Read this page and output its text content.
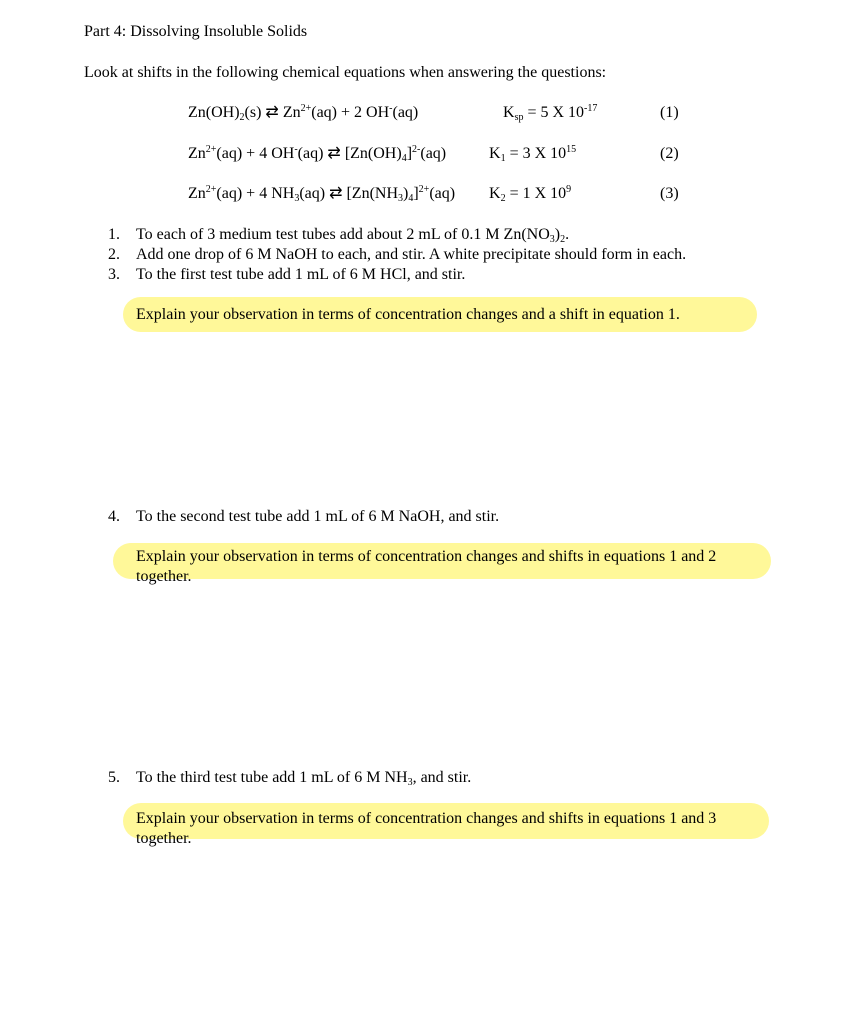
Part 4: Dissolving Insoluble Solids
Look at shifts in the following chemical equations when answering the questions:
$Zn(OH)_2(s)$ ⇄ $Zn^{2+}(aq) + 2$ OH-(aq)	$K_{sp} = 5$ X $10^{-17}$	(1)
$Zn^{2+}(aq) + 4$ OH-(aq) ⇄ $[Zn(OH)_4]^{2-}(aq)$	$K_1 = 3$ X $10^{15}$	(2)
$Zn^{2+}(aq) + 4$ $NH_3(aq)$ ⇄ $[Zn(NH_3)_4]^{2+}(aq) K_2 = 1$ X $10^9$	(3)
1.	To each of 3 medium test tubes add about 2 mL of 0.1 M $Zn(NO_3)_2$.
2.	Add one drop of 6 M NaOH to each, and stir. A white precipitate should form in each.
3.	To the first test tube add 1 mL of 6 M HCl, and stir.
Explain your observation in terms of concentration changes and a shift in equation 1.
4.	To the second test tube add 1 mL of 6 M NaOH, and stir.
Explain your observation in terms of concentration changes and shifts in equations 1 and 2 together.
5.	To the third test tube add 1 mL of 6 M $NH_3$, and stir.
Explain your observation in terms of concentration changes and shifts in equations 1 and 3 together.
